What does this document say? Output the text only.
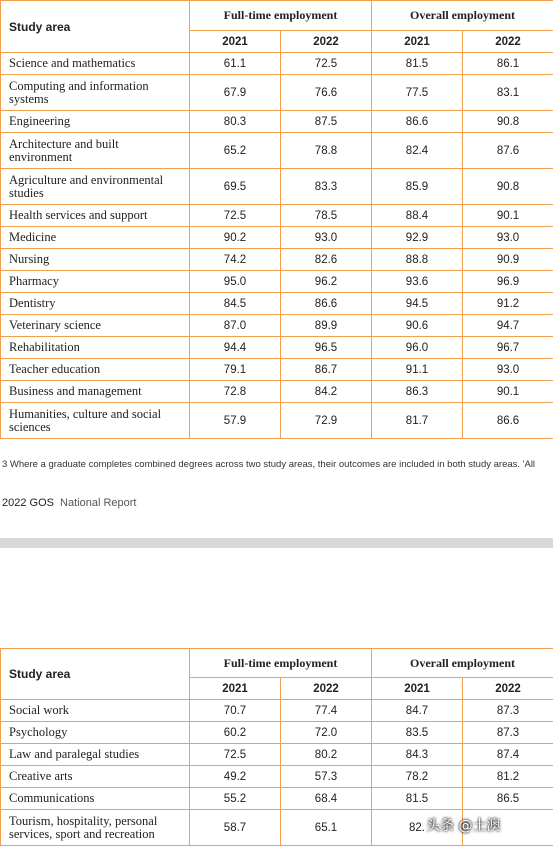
Study area	Full-time employment		Overall employment	
	2021	2022	2021	2022
Science and mathematics	61.1	72.5	81.5	86.1
Computing and information systems	67.9	76.6	77.5	83.1
Engineering	80.3	87.5	86.6	90.8
Architecture and built environment	65.2	78.8	82.4	87.6
Agriculture and environmental studies	69.5	83.3	85.9	90.8
Health services and support	72.5	78.5	88.4	90.1
Medicine	90.2	93.0	92.9	93.0
Nursing	74.2	82.6	88.8	90.9
Pharmacy	95.0	96.2	93.6	96.9
Dentistry	84.5	86.6	94.5	91.2
Veterinary science	87.0	89.9	90.6	94.7
Rehabilitation	94.4	96.5	96.0	96.7
Teacher education	79.1	86.7	91.1	93.0
Business and management	72.8	84.2	86.3	90.1
Humanities, culture and social sciences	57.9	72.9	81.7	86.6
3 Where a graduate completes combined degrees across two study areas, their outcomes are included in both study areas. 'All
2022 GOS National Report
Study area	Full-time employment		Overall employment	
	2021	2022	2021	2022
Social work	70.7	77.4	84.7	87.3
Psychology	60.2	72.0	83.5	87.3
Law and paralegal studies	72.5	80.2	84.3	87.4
Creative arts	49.2	57.3	78.2	81.2
Communications	55.2	68.4	81.5	86.5
Tourism, hospitality, personal services, sport and recreation	58.7	65.1	82.	头条 @土澳
